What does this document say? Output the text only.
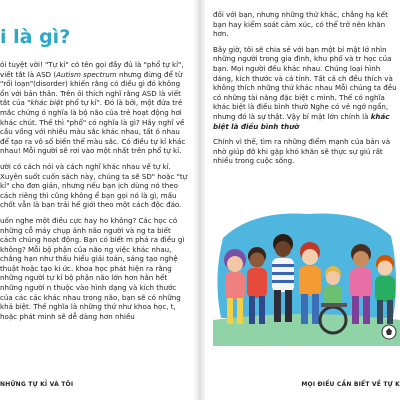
i là gì?

ói tuyệt vời! "Tự kỉ" có tên gọi đầy đủ là "phổ tự kỉ", viết tắt là ASD (Autism spectrum nhưng đừng để từ "rối loạn"(disorder) khiến rằng có điều gì đó không ổn với bản thân. Trên ỏi thích nghĩ rằng ASD là viết tắt của "khác biệt phổ tự kỉ". Đó là bởi, một đứa trẻ mắc chứng ó nghĩa là bộ não của trẻ hoạt động hơi khác chút. Thế thì "phổ" có nghĩa là gì? Hãy nghĩ về cầu vồng với nhiều màu sắc khác nhau, tất ó nhau để tạo ra vô số biến thể màu sắc. Có điều tự kỉ khác nhau! Mỗi người sẽ rơi vào một nhất trên phổ tự kỉ.

ười có cách nói và cách nghĩ khác nhau về tự kỉ. Xuyên suốt cuốn sách này, chúng ta sẽ SD" hoặc "tự kỉ" cho đơn giản, nhưng nếu bạn ịch dùng nó theo cách riêng thì cũng không ể bạn gọi nó là gì, mấu chốt vẫn là bạn trải hế giới theo một cách độc đáo.

uốn nghe một điều cực hay ho không? Các học có những cỗ máy chụp ảnh não người và ng ta biết cách chúng hoạt động. Bạn có biết m phá ra điều gì không? Mỗi bộ phận của não ng việc khác nhau, chẳng hạn như thấu hiểu giải toán, sáng tạo nghệ thuật hoặc tạo kí ức. khoa học phát hiện ra rằng những người tự kỉ bộ phận não lớn hơn hẳn hết những người n thuộc vào hình dạng và kích thước của các các khác nhau trong não, bạn sẽ có những khả biệt. Thế nghĩa là những thứ như khoa học, t, hoặc phát minh sẽ dễ dàng hơn nhiều

NHỮNG TỰ KỈ VÀ TÔI

đối với bạn, nhưng những thứ khác, chẳng hạ kết bạn hay kiểm soát cảm xúc, có thể trở nên khăn hơn.

Bây giờ, tôi sẽ chia sẻ với bạn một bí mật lớ nhìn những người trong gia đình, khu phố và tr học của bạn. Mọi người đều khác nhau. Chúng loại hình dáng, kích thước và cá tính. Tất cả ch đều thích và không thích những thứ khác nhau Mỗi chúng ta đều có những tài năng đặc biệt c mình. Thế có nghĩa khác biệt là điều bình thườ Nghe có vẻ ngớ ngẩn, nhưng đó là sự thật. Vậy bí mật lớn chính là khác biệt là điều bình thườ

Chính vì thế, tìm ra những điểm mạnh của bản và nhờ giúp đỡ khi gặp khó khăn sẽ thực sự giú rất nhiều trong cuộc sống.

MỌI ĐIỀU CẦN BIẾT VỀ TỰ K
